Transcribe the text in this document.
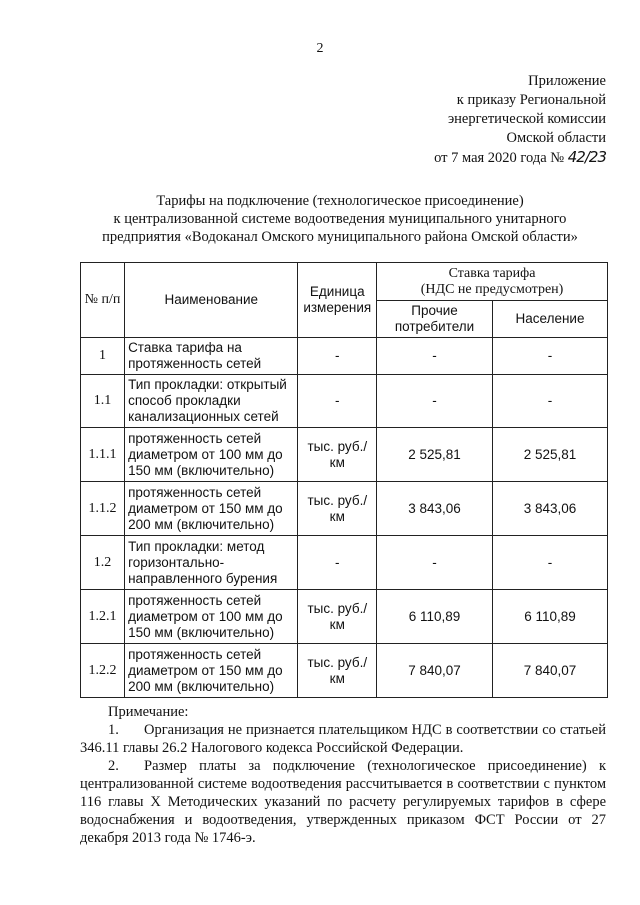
2
Приложение
к приказу Региональной
энергетической комиссии
Омской области
от 7 мая 2020 года № 42/23
Тарифы на подключение (технологическое присоединение)
к централизованной системе водоотведения муниципального унитарного
предприятия «Водоканал Омского муниципального района Омской области»
№ п/п	Наименование	Единица измерения	Ставка тарифа
(НДС не предусмотрен)	

			Прочие потребители	Население
1	Ставка тарифа на протяженность сетей	-	-	-
1.1	Тип прокладки: открытый способ прокладки канализационных сетей	-	-	-
1.1.1	протяженность сетей диаметром от 100 мм до 150 мм (включительно)	тыс. руб./ км	2 525,81	2 525,81
1.1.2	протяженность сетей диаметром от 150 мм до 200 мм (включительно)	тыс. руб./ км	3 843,06	3 843,06
1.2	Тип прокладки: метод горизонтально-направленного бурения	-	-	-
1.2.1	протяженность сетей диаметром от 100 мм до 150 мм (включительно)	тыс. руб./ км	6 110,89	6 110,89
1.2.2	протяженность сетей диаметром от 150 мм до 200 мм (включительно)	тыс. руб./ км	7 840,07	7 840,07
Примечание:
1. Организация не признается плательщиком НДС в соответствии со статьей 346.11 главы 26.2 Налогового кодекса Российской Федерации.
2. Размер платы за подключение (технологическое присоединение) к централизованной системе водоотведения рассчитывается в соответствии с пунктом 116 главы X Методических указаний по расчету регулируемых тарифов в сфере водоснабжения и водоотведения, утвержденных приказом ФСТ России от 27 декабря 2013 года № 1746-э.
